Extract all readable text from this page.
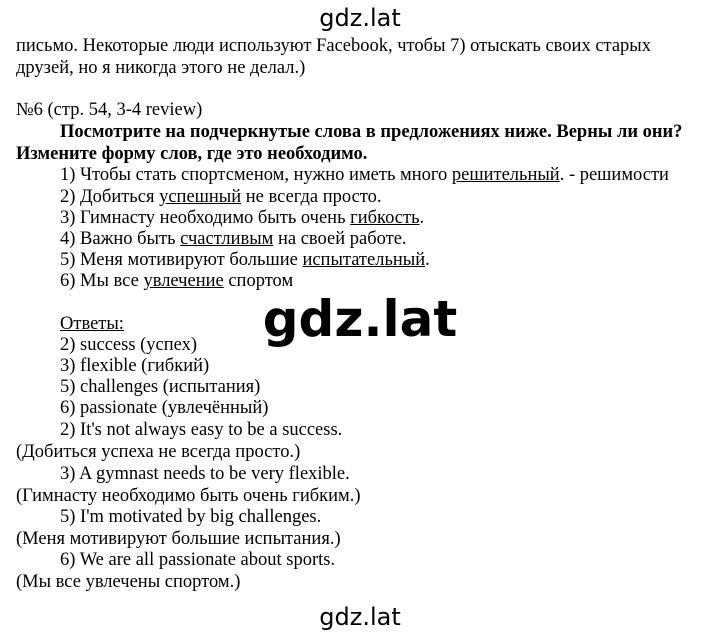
gdz.lat
письмо. Некоторые люди используют Facebook, чтобы 7) отыскать своих старых
друзей, но я никогда этого не делал.)
№6 (стр. 54, 3-4 review)
Посмотрите на подчеркнутые слова в предложениях ниже. Верны ли они?
Измените форму слов, где это необходимо.
1) Чтобы стать спортсменом, нужно иметь много решительный. - решимости
2) Добиться успешный не всегда просто.
3) Гимнасту необходимо быть очень гибкость.
4) Важно быть счастливым на своей работе.
5) Меня мотивируют большие испытательный.
6) Мы все увлечение спортом
Ответы:
2) success (успех)
3) flexible (гибкий)
5) challenges (испытания)
6) passionate (увлечённый)
2) It's not always easy to be a success.
(Добиться успеха не всегда просто.)
3) A gymnast needs to be very flexible.
(Гимнасту необходимо быть очень гибким.)
5) I'm motivated by big challenges.
(Меня мотивируют большие испытания.)
6) We are all passionate about sports.
(Мы все увлечены спортом.)
gdz.lat
gdz.lat
